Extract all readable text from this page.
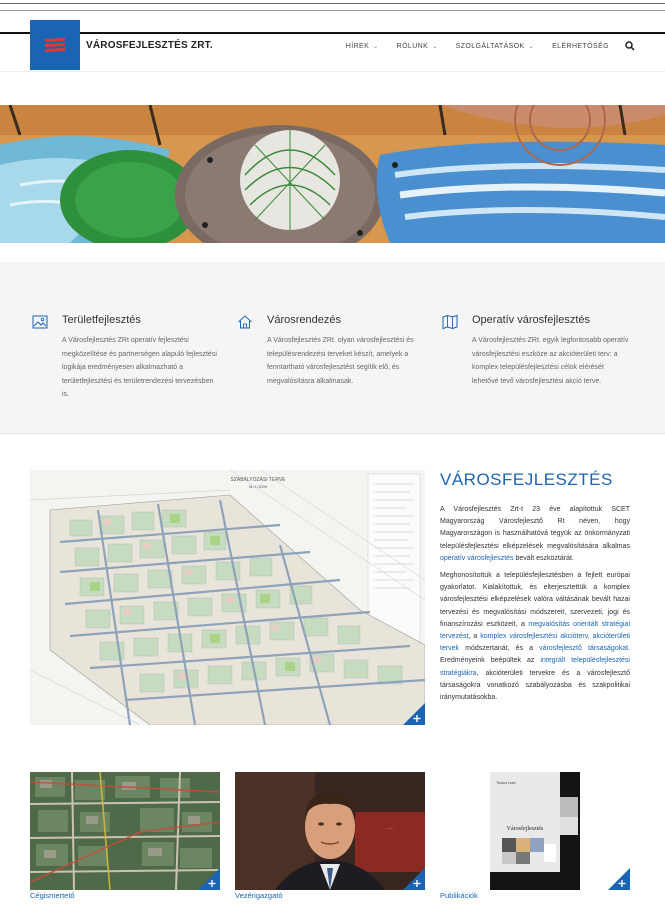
VÁROSFEJLESZTÉS ZRT.	HÍREK ⌄	RÓLUNK ⌄	SZOLGÁLTATÁSOK ⌄	ELÉRHETŐSÉG
Területfejlesztés

A Városfejlesztés ZRt operatív fejlesztési megközelítése és partnerségen alapuló fejlesztési logikája eredményesen alkalmazható a területfejlesztési és területrendezési tervezésben is.

Városrendezés

A Városfejlesztés ZRt. olyan városfejlesztési és településrendezési terveket készít, amelyek a fenntartható városfejlesztést segítik elő, és megvalósításra alkalmasak.

Operatív városfejlesztés

A Városfejlesztés ZRt. egyik legfontosabb operatív városfejlesztési eszköze az akcióterületi terv: a komplex településfejlesztési célok elérését lehetővé tevő városfejlesztési akció terve.

SZABÁLYOZÁSI TERVE
M=1:1000	VÁROSFEJLESZTÉS

A Városfejlesztés Zrt-t 23 éve alapítottuk SCET Magyarország Városfejlesztő Rt néven, hogy Magyarországon is használhatóvá tegyük az önkormányzati településfejlesztési elképzelések megvalósítására alkalmas operatív városfejlesztés bevált eszköztárát.

Meghonosítottuk a településfejlesztésben a fejlett európai gyakorlatot. Kialakítottuk, és elterjesztettük a komplex városfejlesztési elképzelések valóra váltásának bevált hazai tervezési és megvalósítási módszereit, szervezeti, jogi és finanszírozási eszközeit, a megvalósítás orientált stratégiai tervezést, a komplex városfejlesztési akcióterv, akcióterületi tervek módszertanát, és a városfejlesztő társaságokat. Eredményeink beépültek az integrált településfejlesztési stratégiákra, akcióterületi tervekre és a városfejlesztő társaságokra vonatkozó szabályozásba és szakpolitikai iránymutatásokba.

Cégismertető
·····
Vezérigazgató
Tosics Iván
Városfejlesztés
Publikációk
